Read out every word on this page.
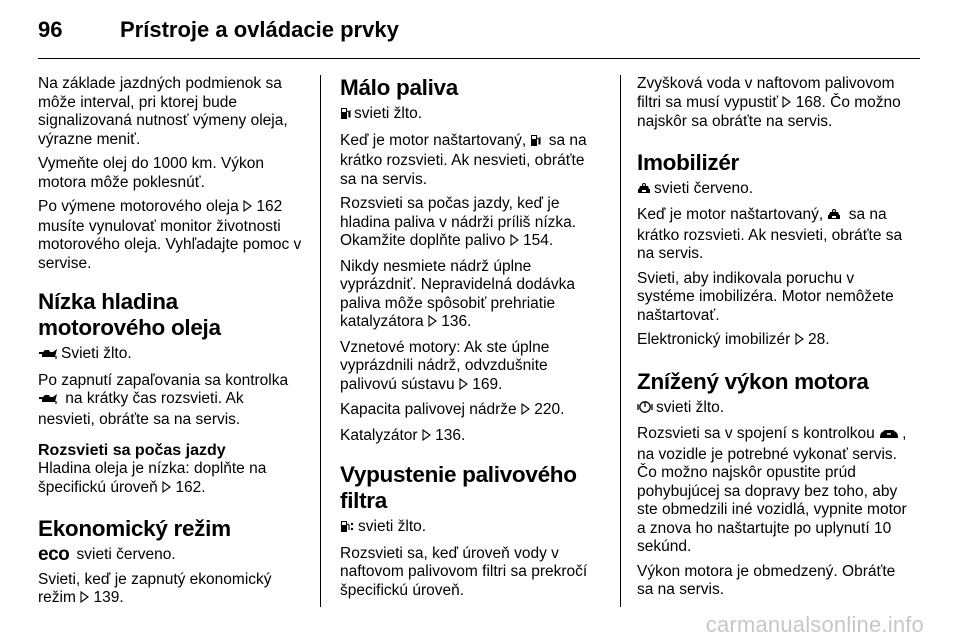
96	Prístroje a ovládacie prvky

Na základe jazdných podmienok sa môže interval, pri ktorej bude signalizovaná nutnosť výmeny oleja, výrazne meniť.

Vymeňte olej do 1000 km. Výkon motora môže poklesnúť.

Po výmene motorového oleja  162 musíte vynulovať monitor životnosti motorového oleja. Vyhľadajte pomoc v servise.

Nízka hladina motorového oleja

Svieti žlto.

Po zapnutí zapaľovania sa kontrolka  na krátky čas rozsvieti. Ak nesvieti, obráťte sa na servis.

Rozsvieti sa počas jazdy

Hladina oleja je nízka: doplňte na špecifickú úroveň  162.

Ekonomický režim

eco svieti červeno.

Svieti, keď je zapnutý ekonomický režim  139.

Málo paliva

svieti žlto.

Keď je motor naštartovaný,  sa na krátko rozsvieti. Ak nesvieti, obráťte sa na servis.

Rozsvieti sa počas jazdy, keď je hladina paliva v nádrži príliš nízka. Okamžite doplňte palivo  154.

Nikdy nesmiete nádrž úplne vyprázdniť. Nepravidelná dodávka paliva môže spôsobiť prehriatie katalyzátora  136.

Vznetové motory: Ak ste úplne vyprázdnili nádrž, odvzdušnite palivovú sústavu  169.

Kapacita palivovej nádrže  220.

Katalyzátor  136.

Vypustenie palivového filtra

svieti žlto.

Rozsvieti sa, keď úroveň vody v naftovom palivovom filtri sa prekročí špecifickú úroveň.

Zvyšková voda v naftovom palivovom filtri sa musí vypustiť  168. Čo možno najskôr sa obráťte na servis.

Imobilizér

svieti červeno.

Keď je motor naštartovaný,  sa na krátko rozsvieti. Ak nesvieti, obráťte sa na servis.

Svieti, aby indikovala poruchu v systéme imobilizéra. Motor nemôžete naštartovať.

Elektronický imobilizér  28.

Znížený výkon motora

svieti žlto.

Rozsvieti sa v spojení s kontrolkou , na vozidle je potrebné vykonať servis. Čo možno najskôr opustite prúd pohybujúcej sa dopravy bez toho, aby ste obmedzili iné vozidlá, vypnite motor a znova ho naštartujte po uplynutí 10 sekúnd.

Výkon motora je obmedzený. Obráťte sa na servis.

carmanualsonline.info
